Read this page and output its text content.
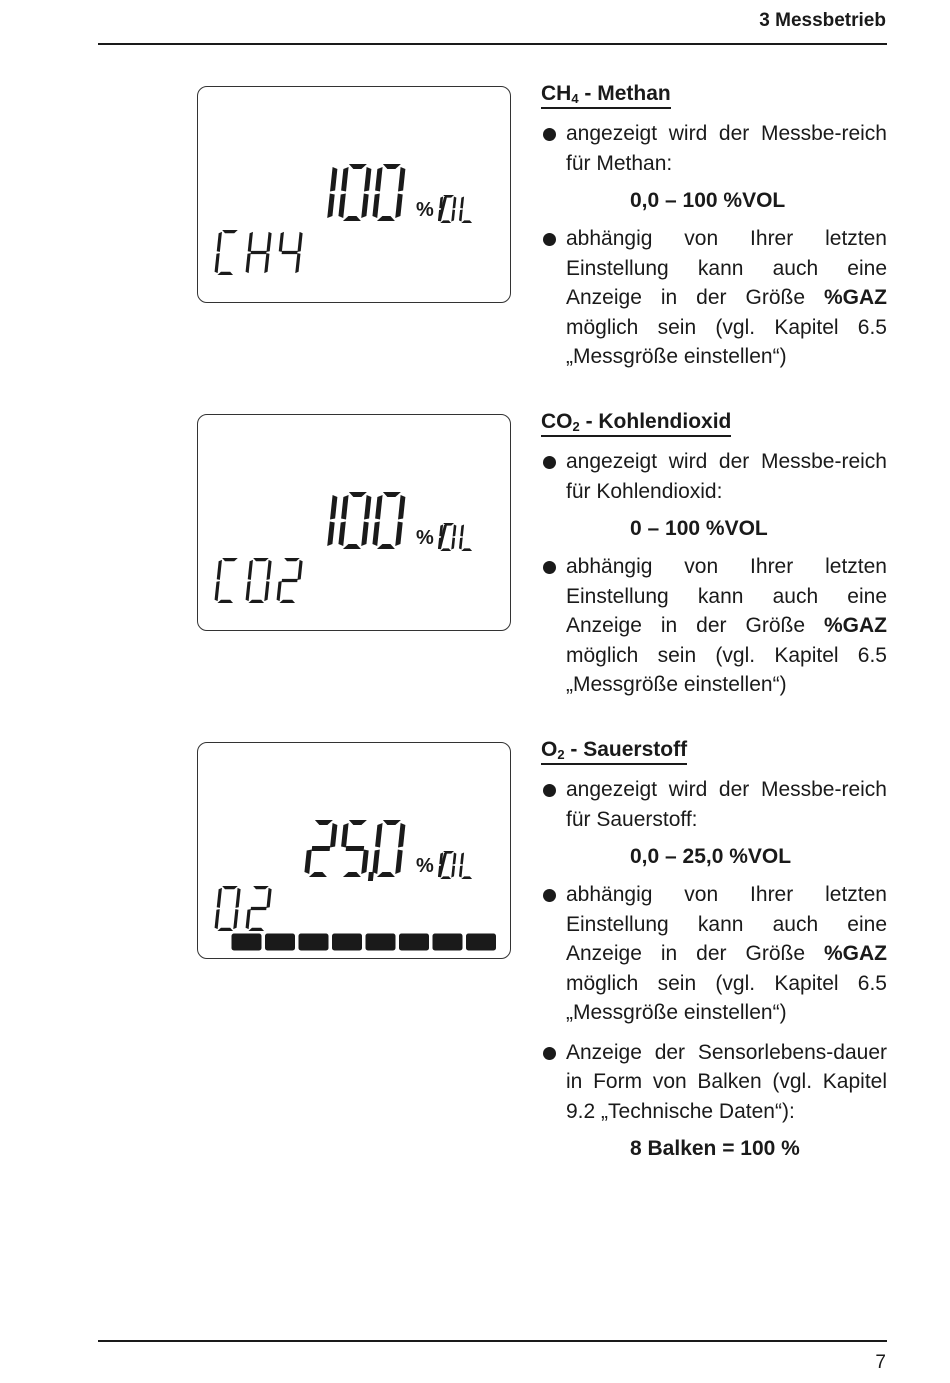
3 Messbetrieb
%
%
%
$CH_4$ - Methan

angezeigt wird der Messbe-reich für Methan:

0,0 – 100 %VOL

abhängig von Ihrer letzten Einstellung kann auch eine Anzeige in der Größe %GAZ möglich sein (vgl. Kapitel 6.5 „Messgröße einstellen“)

$CO_2$ - Kohlendioxid

angezeigt wird der Messbe-reich für Kohlendioxid:

0 – 100 %VOL

abhängig von Ihrer letzten Einstellung kann auch eine Anzeige in der Größe %GAZ möglich sein (vgl. Kapitel 6.5 „Messgröße einstellen“)

$O_2$ - Sauerstoff

angezeigt wird der Messbe-reich für Sauerstoff:

0,0 – 25,0 %VOL

abhängig von Ihrer letzten Einstellung kann auch eine Anzeige in der Größe %GAZ möglich sein (vgl. Kapitel 6.5 „Messgröße einstellen“)

Anzeige der Sensorlebens-dauer in Form von Balken (vgl. Kapitel 9.2 „Technische Daten“):

8 Balken = 100 %
7
